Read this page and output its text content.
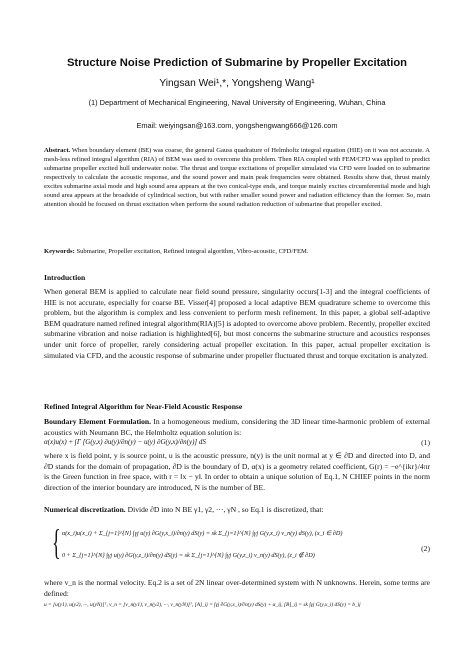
Structure Noise Prediction of Submarine by Propeller Excitation
Yingsan Wei¹,*, Yongsheng Wang¹
(1) Department of Mechanical Engineering, Naval University of Engineering, Wuhan, China
Email: weiyingsan@163.com, yongshengwang666@126.com
Abstract. When boundary element (BE) was coarse, the general Gauss quadrature of Helmholtz integral equation (HIE) on it was not accurate. A mesh-less refined integral algorithm (RIA) of BEM was used to overcome this problem. Then RIA coupled with FEM/CFD was applied to predict submarine propeller excited hull underwater noise. The thrust and torque excitations of propeller simulated via CFD were loaded on to submarine respectively to calculate the acoustic response, and the sound power and main peak frequencies were obtained. Results show that, thrust mainly excites submarine axial mode and high sound area appears at the two conical-type ends, and torque mainly excites circumferential mode and high sound area appears at the broadside of cylindrical section, but with rather smaller sound power and radiation efficiency than the former. So, main attention should be focused on thrust excitation when perform the sound radiation reduction of submarine that propeller excited.
Keywords: Submarine, Propeller excitation, Refined integral algorithm, Vibro-acoustic, CFD/FEM.
Introduction
When general BEM is applied to calculate near field sound pressure, singularity occurs[1-3] and the integral coefficients of HIE is not accurate, especially for coarse BE. Visser[4] proposed a local adaptive BEM quadrature scheme to overcome this problem, but the algorithm is complex and less convenient to perform mesh refinement. In this paper, a global self-adaptive BEM quadrature named refined integral algorithm(RIA)[5] is adopted to overcome above problem. Recently, propeller excited submarine vibration and noise radiation is highlighted[6], but most concerns the submarine structure and acoustics responses under unit force of propeller, rarely considering actual propeller excitation. In this paper, actual propeller excitation is simulated via CFD, and the acoustic response of submarine under propeller fluctuated thrust and torque excitation is analyzed.
Refined Integral Algorithm for Near-Field Acoustic Response
Boundary Element Formulation. In a homogeneous medium, considering the 3D linear time-harmonic problem of external acoustics with Neumann BC, the Helmholtz equation solution is:
α(x)u(x) + ∫Γ [G(y,x) ∂u(y)/∂n(y) − u(y) ∂G(y,x)/∂n(y)] dS	(1)
where x is field point, y is source point, u is the acoustic pressure, n(y) is the unit normal at y ∈ ∂D and directed into D, and ∂D stands for the domain of propagation, ∂D is the boundary of D, α(x) is a geometry related coefficient, G(r) = −e^{ikr}/4πr is the Green function in free space, with r = ‖x − y‖. In order to obtain a unique solution of Eq.1, N CHIEF points in the norm direction of the interior boundary are introduced, N is the number of BE.
Numerical discretization. Divide ∂D into N BE γ1, γ2, ···, γN , so Eq.1 is discretized, that:
{ α(x_i)u(x_i) + Σ_{j=1}^{N} ∫γj u(y) ∂G(y,x_i)/∂n(y) dS(y) = sk Σ_{j=1}^{N} ∫γj G(y,x_i) v_n(y) dS(y), (x_i ∈ ∂D)
0 + Σ_{j=1}^{N} ∫γj u(y) ∂G(y,z_i)/∂n(y) dS(y) = sk Σ_{j=1}^{N} ∫γj G(y,z_i) v_n(y) dS(y), (z_i ∉ ∂D)
(2)
where v_n is the normal velocity. Eq.2 is a set of 2N linear over-determined system with N unknowns. Herein, some terms are defined:
u = [u(y1), u(y2), ···, u(yN)]ᵀ, v_n = [v_n(y1), v_n(y2), ···, v_n(yN)]ᵀ, [A]_ij = ∫γj ∂G(y,x_i)/∂n(y) dS(y) + α_ij, [B]_ij = sk ∫γj G(y,x_i) dS(y) = b_ij
